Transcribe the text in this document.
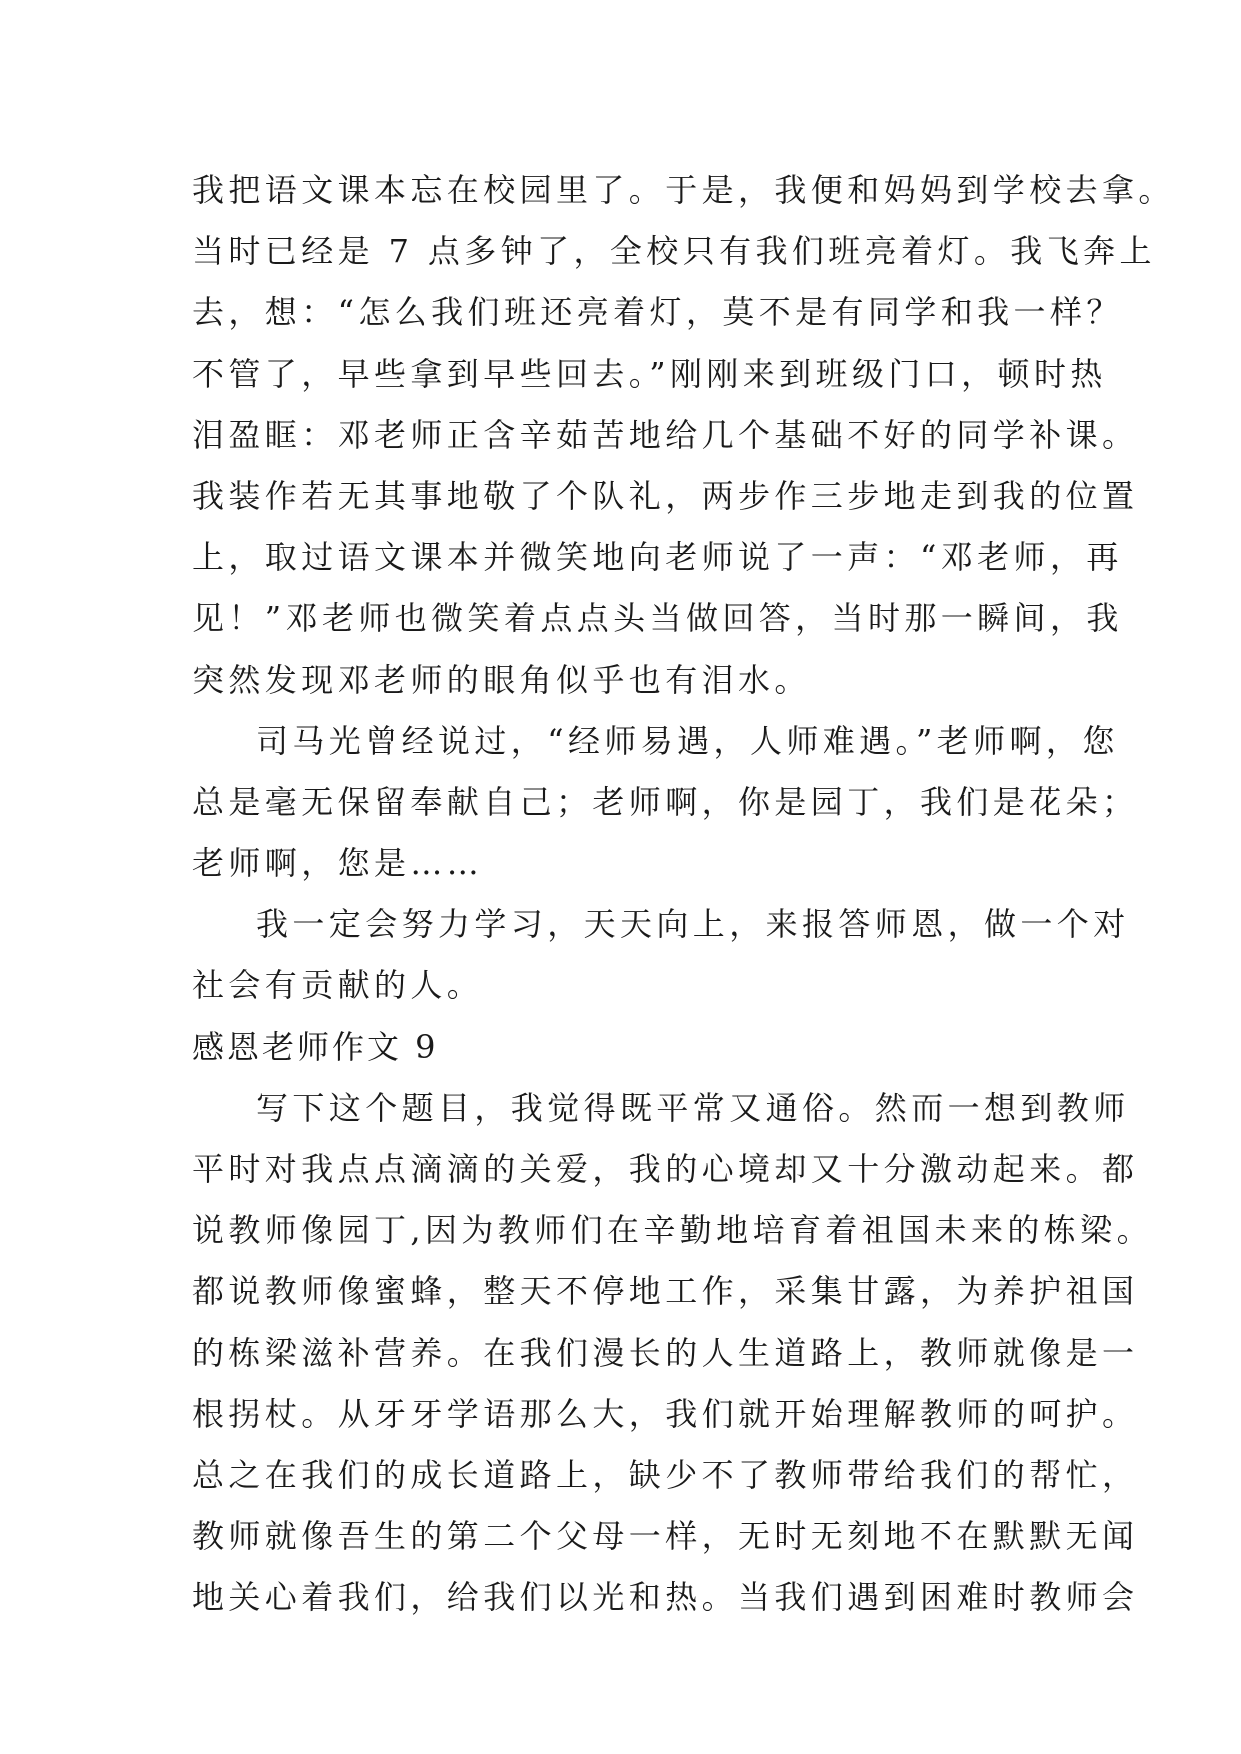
我把语文课本忘在校园里了。于是，我便和妈妈到学校去拿。
当时已经是 7 点多钟了，全校只有我们班亮着灯。我飞奔上
去，想：“怎么我们班还亮着灯，莫不是有同学和我一样？
不管了，早些拿到早些回去。”刚刚来到班级门口，顿时热
泪盈眶：邓老师正含辛茹苦地给几个基础不好的同学补课。
我装作若无其事地敬了个队礼，两步作三步地走到我的位置
上，取过语文课本并微笑地向老师说了一声：“邓老师，再
见！”邓老师也微笑着点点头当做回答，当时那一瞬间，我
突然发现邓老师的眼角似乎也有泪水。
司马光曾经说过，“经师易遇，人师难遇。”老师啊，您
总是毫无保留奉献自己；老师啊，你是园丁，我们是花朵；
老师啊，您是……
我一定会努力学习，天天向上，来报答师恩，做一个对
社会有贡献的人。
感恩老师作文 9
写下这个题目，我觉得既平常又通俗。然而一想到教师
平时对我点点滴滴的关爱，我的心境却又十分激动起来。都
说教师像园丁,因为教师们在辛勤地培育着祖国未来的栋梁。
都说教师像蜜蜂，整天不停地工作，采集甘露，为养护祖国
的栋梁滋补营养。在我们漫长的人生道路上，教师就像是一
根拐杖。从牙牙学语那么大，我们就开始理解教师的呵护。
总之在我们的成长道路上，缺少不了教师带给我们的帮忙，
教师就像吾生的第二个父母一样，无时无刻地不在默默无闻
地关心着我们，给我们以光和热。当我们遇到困难时教师会
